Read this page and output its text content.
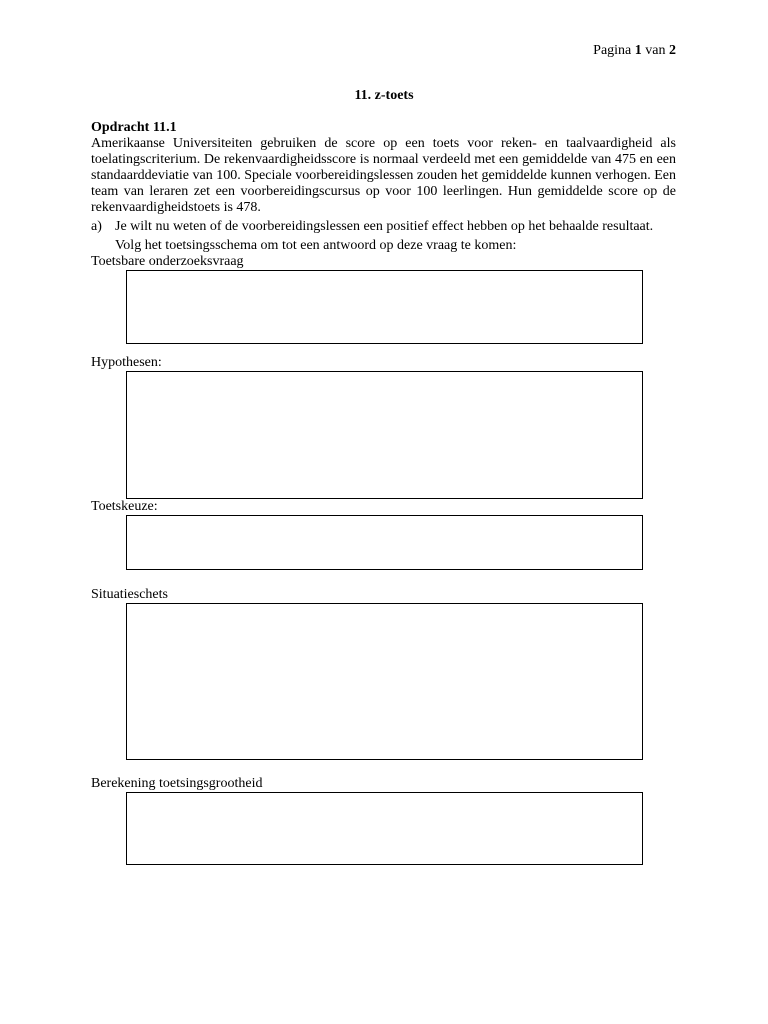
Pagina 1 van 2
11. z-toets
Opdracht 11.1

Amerikaanse Universiteiten gebruiken de score op een toets voor reken- en taalvaardigheid als toelatingscriterium. De rekenvaardigheidsscore is normaal verdeeld met een gemiddelde van 475 en een standaarddeviatie van 100. Speciale voorbereidingslessen zouden het gemiddelde kunnen verhogen. Een team van leraren zet een voorbereidingscursus op voor 100 leerlingen. Hun gemiddelde score op de rekenvaardigheidstoets is 478.

a) Je wilt nu weten of de voorbereidingslessen een positief effect hebben op het behaalde resultaat.
Volg het toetsingsschema om tot een antwoord op deze vraag te komen:
Toetsbare onderzoeksvraag
Hypothesen:
Toetskeuze:
Situatieschets
Berekening toetsingsgrootheid
